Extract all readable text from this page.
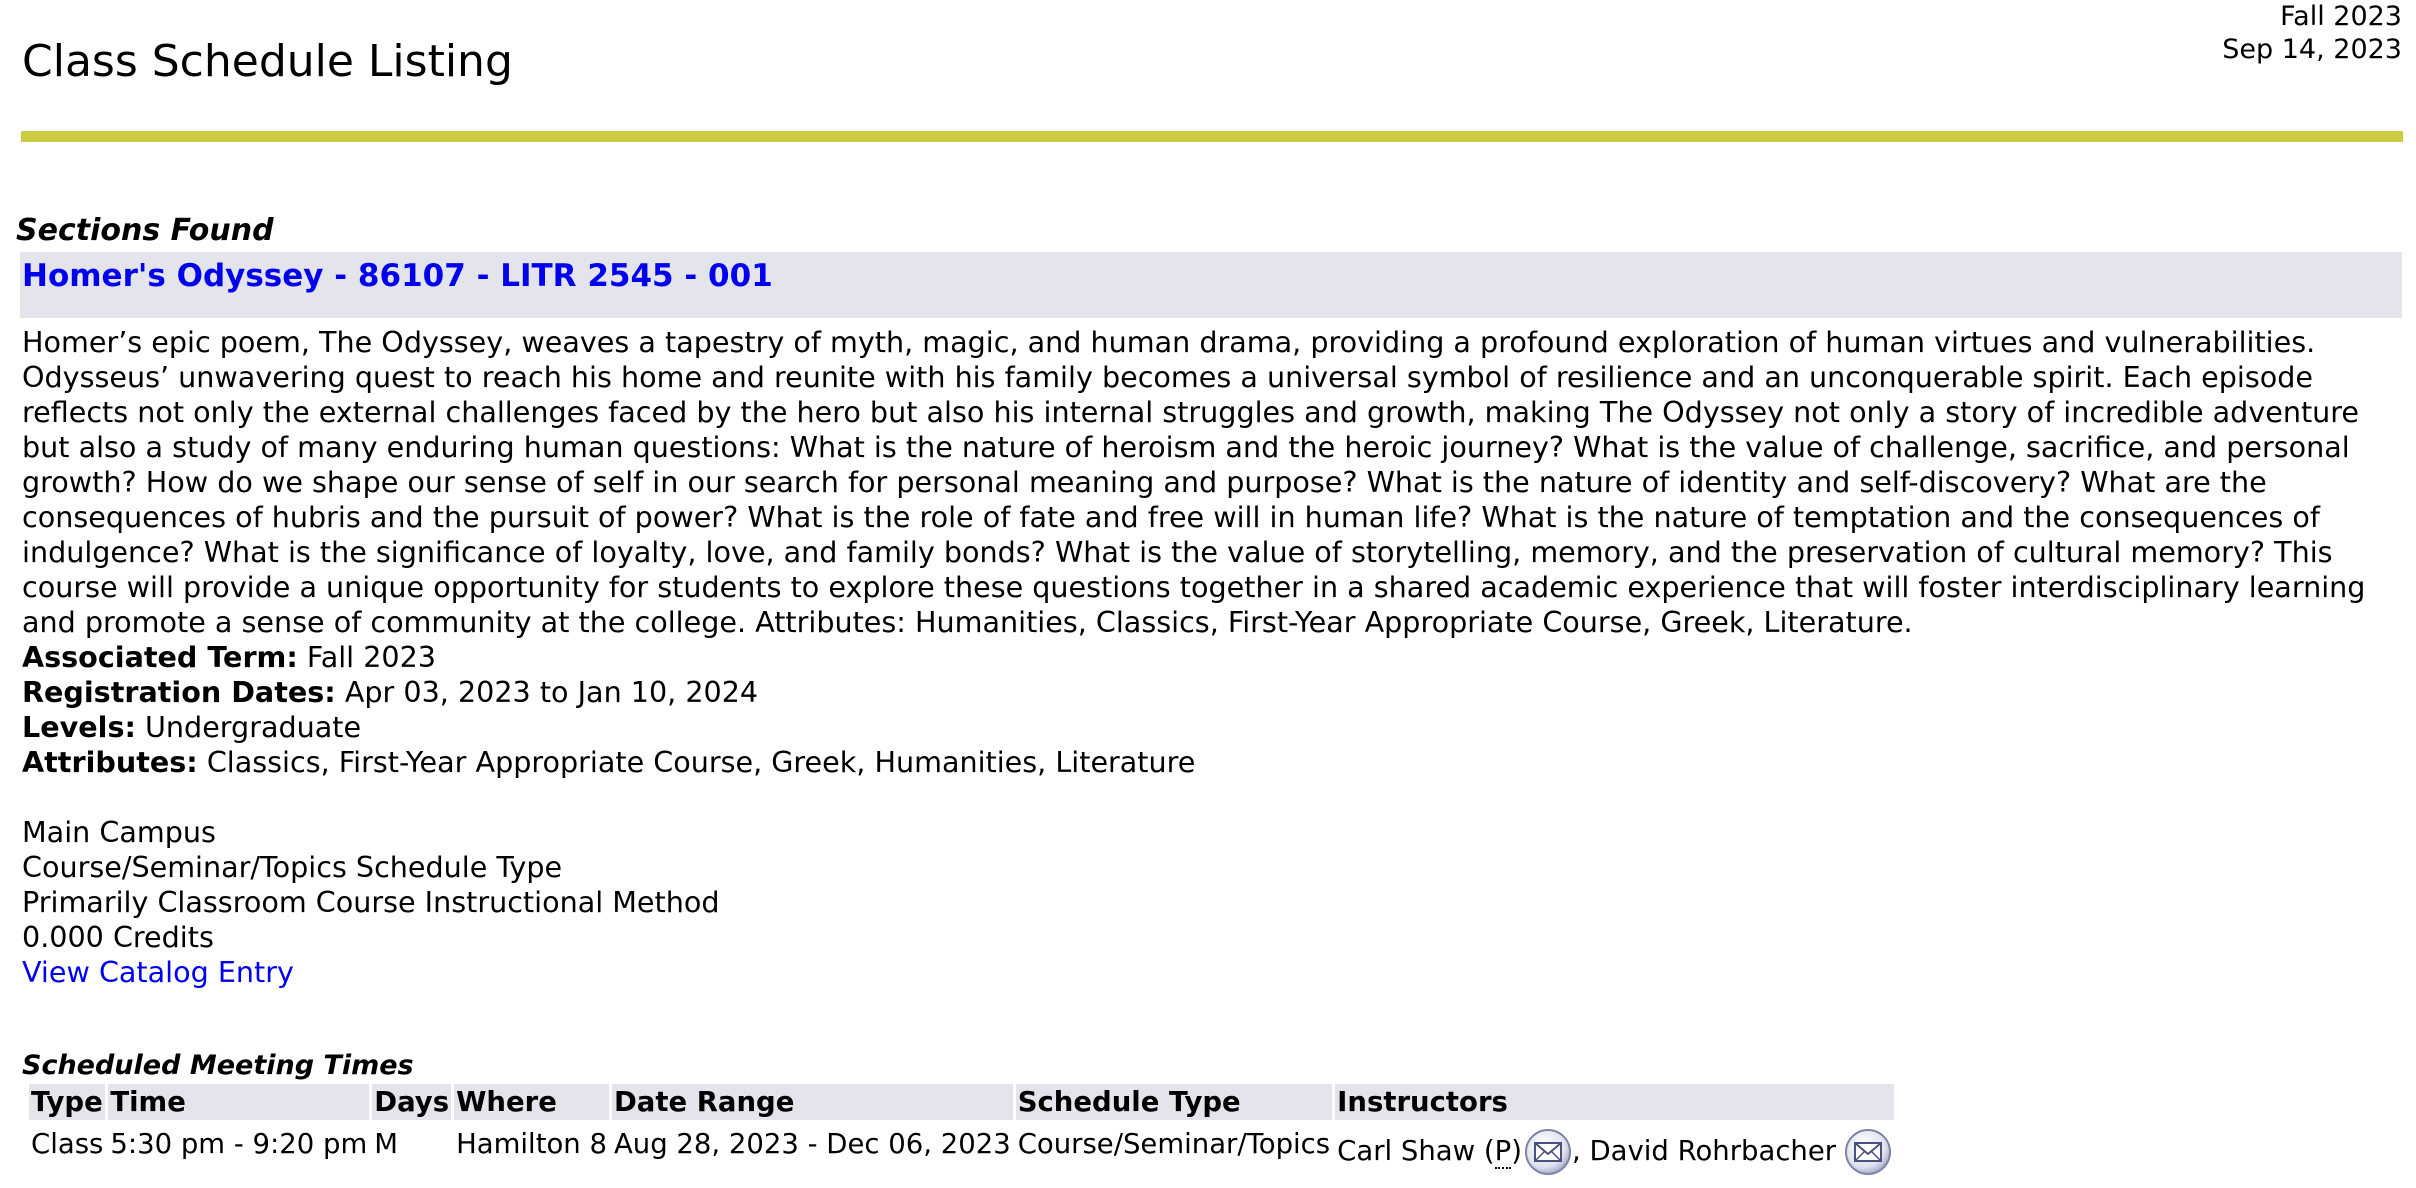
Class Schedule Listing
Fall 2023
Sep 14, 2023
Sections Found
Homer's Odyssey - 86107 - LITR 2545 - 001

Homer’s epic poem, The Odyssey, weaves a tapestry of myth, magic, and human drama, providing a profound exploration of human virtues and vulnerabilities. Odysseus’ unwavering quest to reach his home and reunite with his family becomes a universal symbol of resilience and an unconquerable spirit. Each episode reflects not only the external challenges faced by the hero but also his internal struggles and growth, making The Odyssey not only a story of incredible adventure but also a study of many enduring human questions: What is the nature of heroism and the heroic journey? What is the value of challenge, sacrifice, and personal growth? How do we shape our sense of self in our search for personal meaning and purpose? What is the nature of identity and self-discovery? What are the consequences of hubris and the pursuit of power? What is the role of fate and free will in human life? What is the nature of temptation and the consequences of indulgence? What is the significance of loyalty, love, and family bonds? What is the value of storytelling, memory, and the preservation of cultural memory? This course will provide a unique opportunity for students to explore these questions together in a shared academic experience that will foster interdisciplinary learning and promote a sense of community at the college. Attributes: Humanities, Classics, First-Year Appropriate Course, Greek, Literature.

Associated Term: Fall 2023

Registration Dates: Apr 03, 2023 to Jan 10, 2024

Levels: Undergraduate

Attributes: Classics, First-Year Appropriate Course, Greek, Humanities, Literature

Main Campus

Course/Seminar/Topics Schedule Type

Primarily Classroom Course Instructional Method

0.000 Credits

View Catalog Entry

Scheduled Meeting Times
Type	Time	Days	Where	Date Range	Schedule Type	Instructors
Class	5:30 pm - 9:20 pm	M	Hamilton 8	Aug 28, 2023 - Dec 06, 2023	Course/Seminar/Topics	Carl Shaw (P) , David Rohrbacher
